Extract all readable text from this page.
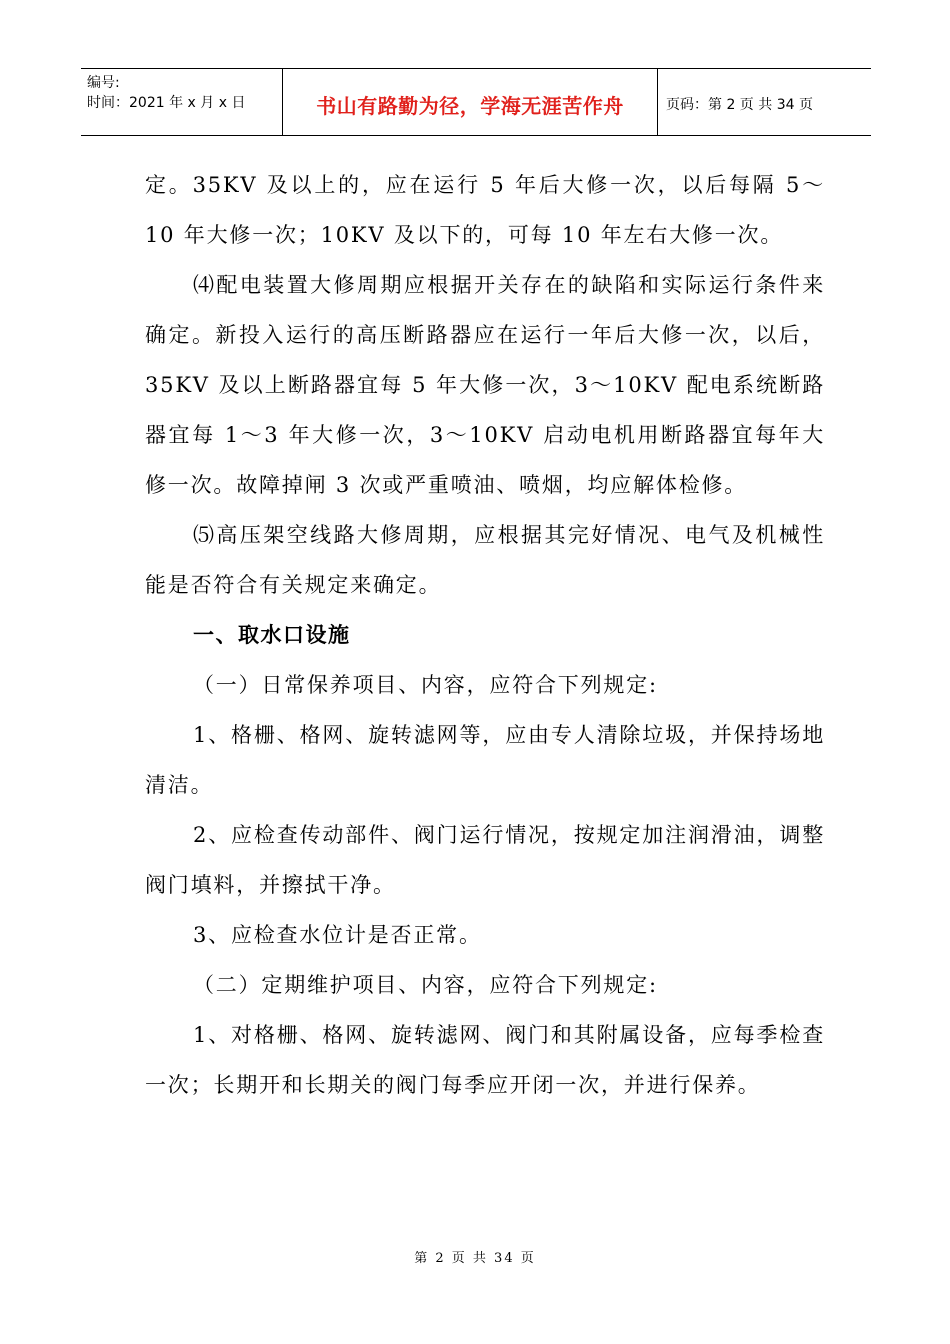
编号:
时间：2021 年 x 月 x 日	书山有路勤为径，学海无涯苦作舟	页码：第 2 页 共 34 页

定。35KV 及以上的，应在运行 5 年后大修一次，以后每隔 5～10 年大修一次；10KV 及以下的，可每 10 年左右大修一次。

⑷配电装置大修周期应根据开关存在的缺陷和实际运行条件来确定。新投入运行的高压断路器应在运行一年后大修一次，以后，35KV 及以上断路器宜每 5 年大修一次，3～10KV 配电系统断路器宜每 1～3 年大修一次，3～10KV 启动电机用断路器宜每年大修一次。故障掉闸 3 次或严重喷油、喷烟，均应解体检修。

⑸高压架空线路大修周期，应根据其完好情况、电气及机械性能是否符合有关规定来确定。

一、取水口设施

（一）日常保养项目、内容，应符合下列规定:

1、格栅、格网、旋转滤网等，应由专人清除垃圾，并保持场地清洁。

2、应检查传动部件、阀门运行情况，按规定加注润滑油，调整阀门填料，并擦拭干净。

3、应检查水位计是否正常。

（二）定期维护项目、内容，应符合下列规定:

1、对格栅、格网、旋转滤网、阀门和其附属设备，应每季检查一次；长期开和长期关的阀门每季应开闭一次，并进行保养。

第 2 页 共 34 页
